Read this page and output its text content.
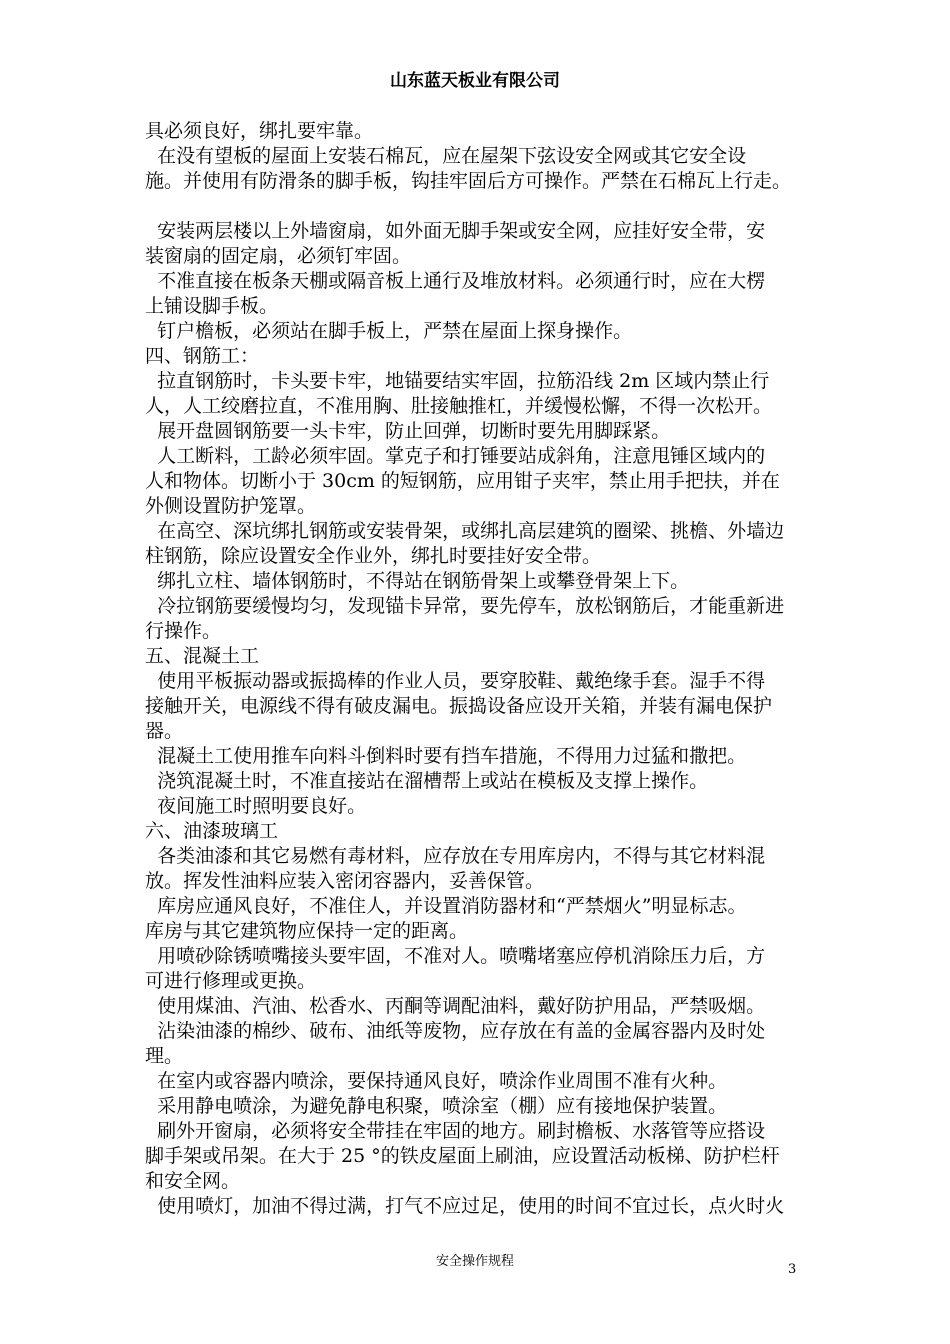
山东蓝天板业有限公司

具必须良好，绑扎要牢靠。

在没有望板的屋面上安装石棉瓦，应在屋架下弦设安全网或其它安全设

施。并使用有防滑条的脚手板，钩挂牢固后方可操作。严禁在石棉瓦上行走。

安装两层楼以上外墙窗扇，如外面无脚手架或安全网，应挂好安全带，安

装窗扇的固定扇，必须钉牢固。

不准直接在板条天棚或隔音板上通行及堆放材料。必须通行时，应在大楞

上铺设脚手板。

钉户檐板，必须站在脚手板上，严禁在屋面上探身操作。

四、钢筋工：

拉直钢筋时，卡头要卡牢，地锚要结实牢固，拉筋沿线 2m 区域内禁止行

人，人工绞磨拉直，不准用胸、肚接触推杠，并缓慢松懈，不得一次松开。

展开盘圆钢筋要一头卡牢，防止回弹，切断时要先用脚踩紧。

人工断料，工龄必须牢固。掌克子和打锤要站成斜角，注意甩锤区域内的

人和物体。切断小于 30cm 的短钢筋，应用钳子夹牢，禁止用手把扶，并在

外侧设置防护笼罩。

在高空、深坑绑扎钢筋或安装骨架，或绑扎高层建筑的圈梁、挑檐、外墙边

柱钢筋，除应设置安全作业外，绑扎时要挂好安全带。

绑扎立柱、墙体钢筋时，不得站在钢筋骨架上或攀登骨架上下。

冷拉钢筋要缓慢均匀，发现锚卡异常，要先停车，放松钢筋后，才能重新进

行操作。

五、混凝土工

使用平板振动器或振捣棒的作业人员，要穿胶鞋、戴绝缘手套。湿手不得

接触开关，电源线不得有破皮漏电。振捣设备应设开关箱，并装有漏电保护

器。

混凝土工使用推车向料斗倒料时要有挡车措施，不得用力过猛和撒把。

浇筑混凝土时，不准直接站在溜槽帮上或站在模板及支撑上操作。

夜间施工时照明要良好。

六、油漆玻璃工

各类油漆和其它易燃有毒材料，应存放在专用库房内，不得与其它材料混

放。挥发性油料应装入密闭容器内，妥善保管。

库房应通风良好，不准住人，并设置消防器材和“严禁烟火”明显标志。

库房与其它建筑物应保持一定的距离。

用喷砂除锈喷嘴接头要牢固，不准对人。喷嘴堵塞应停机消除压力后，方

可进行修理或更换。

使用煤油、汽油、松香水、丙酮等调配油料，戴好防护用品，严禁吸烟。

沾染油漆的棉纱、破布、油纸等废物，应存放在有盖的金属容器内及时处

理。

在室内或容器内喷涂，要保持通风良好，喷涂作业周围不准有火种。

采用静电喷涂，为避免静电积聚，喷涂室（棚）应有接地保护装置。

刷外开窗扇，必须将安全带挂在牢固的地方。刷封檐板、水落管等应搭设

脚手架或吊架。在大于 25 °的铁皮屋面上刷油，应设置活动板梯、防护栏杆

和安全网。

使用喷灯，加油不得过满，打气不应过足，使用的时间不宜过长，点火时火

安全操作规程
3
